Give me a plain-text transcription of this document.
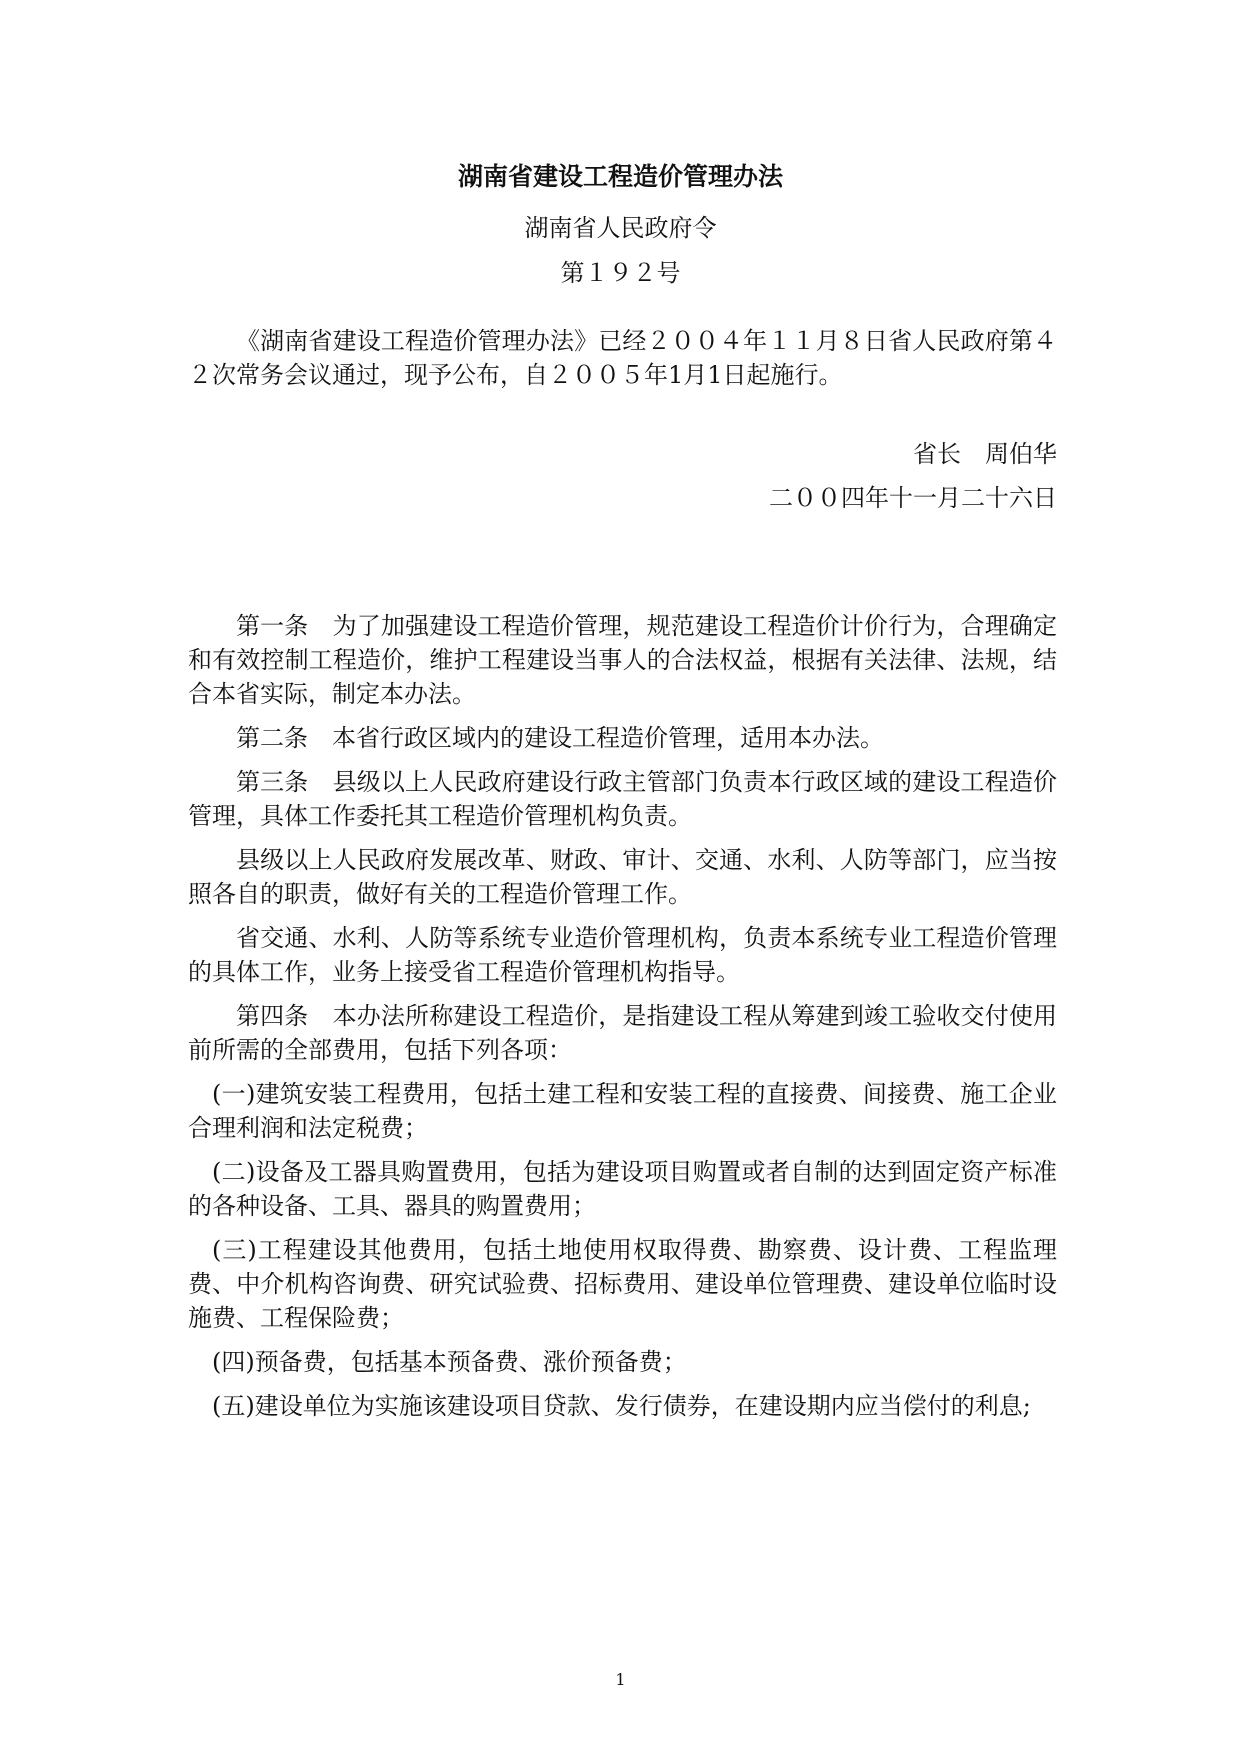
湖南省建设工程造价管理办法
湖南省人民政府令
第１９２号
《湖南省建设工程造价管理办法》已经２００４年１１月８日省人民政府第４２次常务会议通过，现予公布，自２００５年1月1日起施行。
省长　周伯华
二００四年十一月二十六日

第一条　为了加强建设工程造价管理，规范建设工程造价计价行为，合理确定和有效控制工程造价，维护工程建设当事人的合法权益，根据有关法律、法规，结合本省实际，制定本办法。

第二条　本省行政区域内的建设工程造价管理，适用本办法。

第三条　县级以上人民政府建设行政主管部门负责本行政区域的建设工程造价管理，具体工作委托其工程造价管理机构负责。

县级以上人民政府发展改革、财政、审计、交通、水利、人防等部门，应当按照各自的职责，做好有关的工程造价管理工作。

省交通、水利、人防等系统专业造价管理机构，负责本系统专业工程造价管理的具体工作，业务上接受省工程造价管理机构指导。

第四条　本办法所称建设工程造价，是指建设工程从筹建到竣工验收交付使用前所需的全部费用，包括下列各项：

(一)建筑安装工程费用，包括土建工程和安装工程的直接费、间接费、施工企业合理利润和法定税费；

(二)设备及工器具购置费用，包括为建设项目购置或者自制的达到固定资产标准的各种设备、工具、器具的购置费用；

(三)工程建设其他费用，包括土地使用权取得费、勘察费、设计费、工程监理费、中介机构咨询费、研究试验费、招标费用、建设单位管理费、建设单位临时设施费、工程保险费；

(四)预备费，包括基本预备费、涨价预备费；

(五)建设单位为实施该建设项目贷款、发行债券，在建设期内应当偿付的利息;

1
